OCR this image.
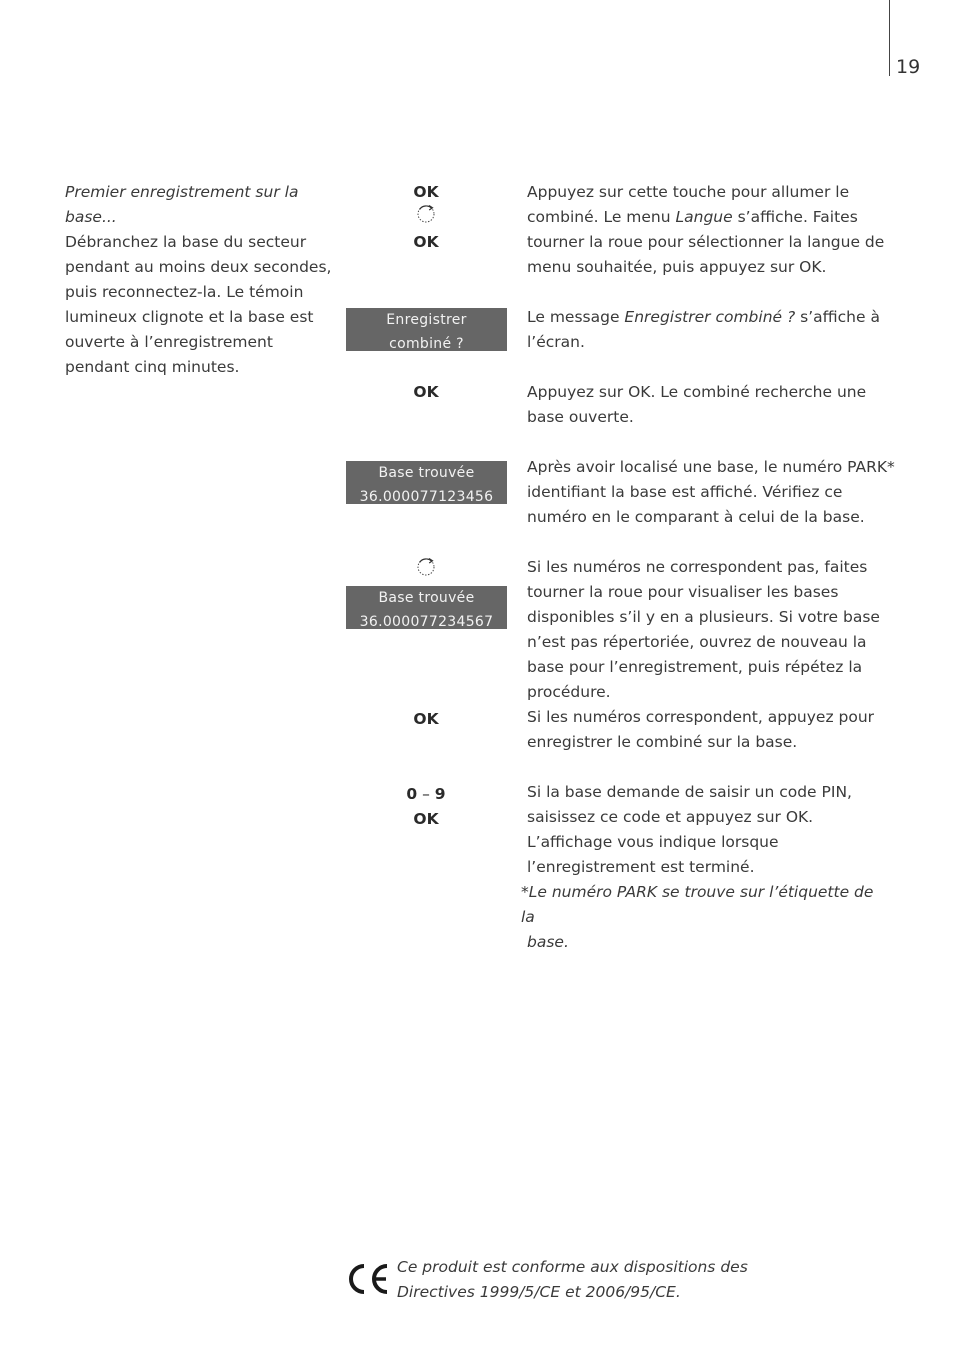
19
Premier enregistrement sur la base...
Débranchez la base du secteur pendant au moins deux secondes, puis reconnectez-la. Le témoin lumineux clignote et la base est ouverte à l’enregistrement pendant cinq minutes.
OK
OK
Appuyez sur cette touche pour allumer le combiné. Le menu Langue s’affiche. Faites tourner la roue pour sélectionner la langue de menu souhaitée, puis appuyez sur OK.
Enregistrer
combiné ?
Le message Enregistrer combiné ? s’affiche à l’écran.
OK	Appuyez sur OK. Le combiné recherche une base ouverte.
Base trouvée
36.000077123456
Après avoir localisé une base, le numéro PARK* identifiant la base est affiché. Vérifiez ce numéro en le comparant à celui de la base.
Base trouvée
36.000077234567
Si les numéros ne correspondent pas, faites tourner la roue pour visualiser les bases disponibles s’il y en a plusieurs. Si votre base n’est pas répertoriée, ouvrez de nouveau la base pour l’enregistrement, puis répétez la procédure.
OK	Si les numéros correspondent, appuyez pour enregistrer le combiné sur la base.
0 – 9
OK
Si la base demande de saisir un code PIN, saisissez ce code et appuyez sur OK. L’affichage vous indique lorsque l’enregistrement est terminé.
*Le numéro PARK se trouve sur l’étiquette de la
base.
Ce produit est conforme aux dispositions des Directives 1999/5/CE et 2006/95/CE.
